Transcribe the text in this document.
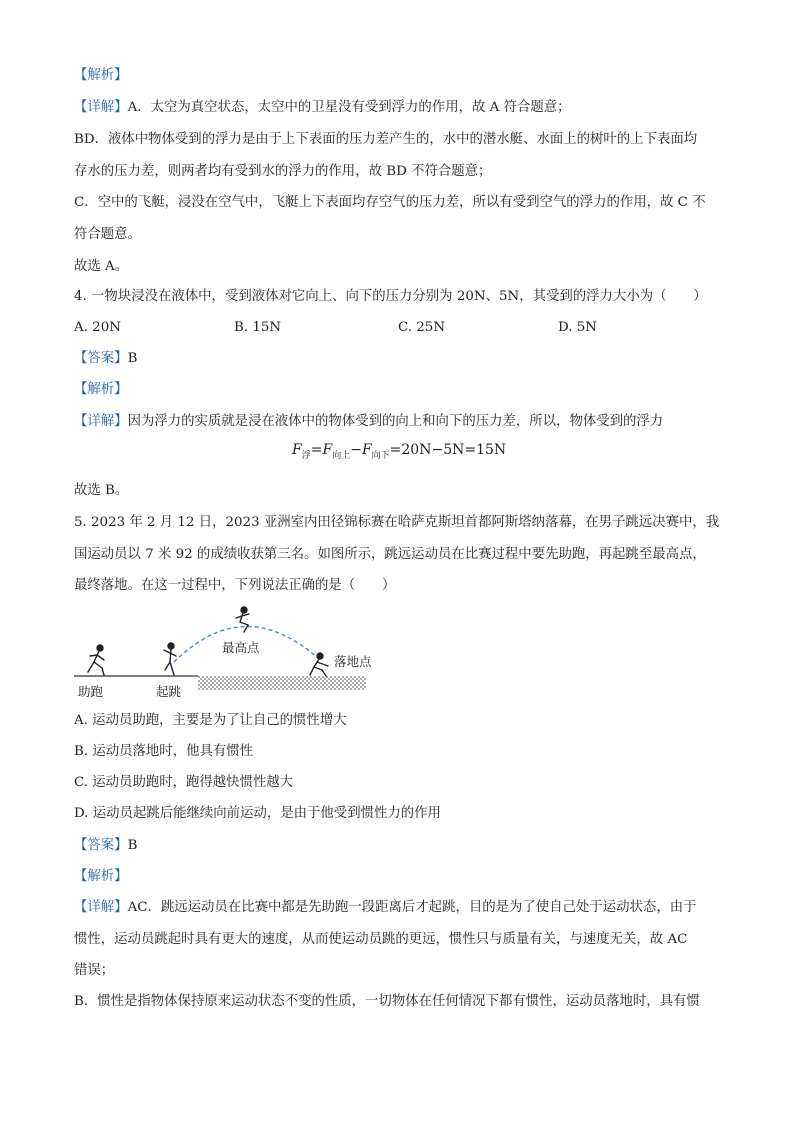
【解析】
【详解】A．太空为真空状态，太空中的卫星没有受到浮力的作用，故 A 符合题意；
BD．液体中物体受到的浮力是由于上下表面的压力差产生的，水中的潜水艇、水面上的树叶的上下表面均
存水的压力差，则两者均有受到水的浮力的作用，故 BD 不符合题意；
C．空中的飞艇，浸没在空气中，飞艇上下表面均存空气的压力差，所以有受到空气的浮力的作用，故 C 不
符合题意。
故选 A。
4. 一物块浸没在液体中，受到液体对它向上、向下的压力分别为 20N、5N，其受到的浮力大小为（　　）
A. 20N	B. 15N	C. 25N	D. 5N
【答案】B
【解析】
【详解】因为浮力的实质就是浸在液体中的物体受到的向上和向下的压力差，所以，物体受到的浮力
$F_浮=F_{向上}-F_{向下}=20N-5N=15N$
故选 B。
5. 2023 年 2 月 12 日，2023 亚洲室内田径锦标赛在哈萨克斯坦首都阿斯塔纳落幕，在男子跳远决赛中，我
国运动员以 7 米 92 的成绩收获第三名。如图所示，跳远运动员在比赛过程中要先助跑，再起跳至最高点，
最终落地。在这一过程中，下列说法正确的是（　　）
助跑	起跳
最高点
落地点
A. 运动员助跑，主要是为了让自己的惯性增大
B. 运动员落地时，他具有惯性
C. 运动员助跑时，跑得越快惯性越大
D. 运动员起跳后能继续向前运动，是由于他受到惯性力的作用
【答案】B
【解析】
【详解】AC．跳远运动员在比赛中都是先助跑一段距离后才起跳，目的是为了使自己处于运动状态，由于
惯性，运动员跳起时具有更大的速度，从而使运动员跳的更远，惯性只与质量有关，与速度无关，故 AC
错误；
B．惯性是指物体保持原来运动状态不变的性质，一切物体在任何情况下都有惯性，运动员落地时，具有惯
